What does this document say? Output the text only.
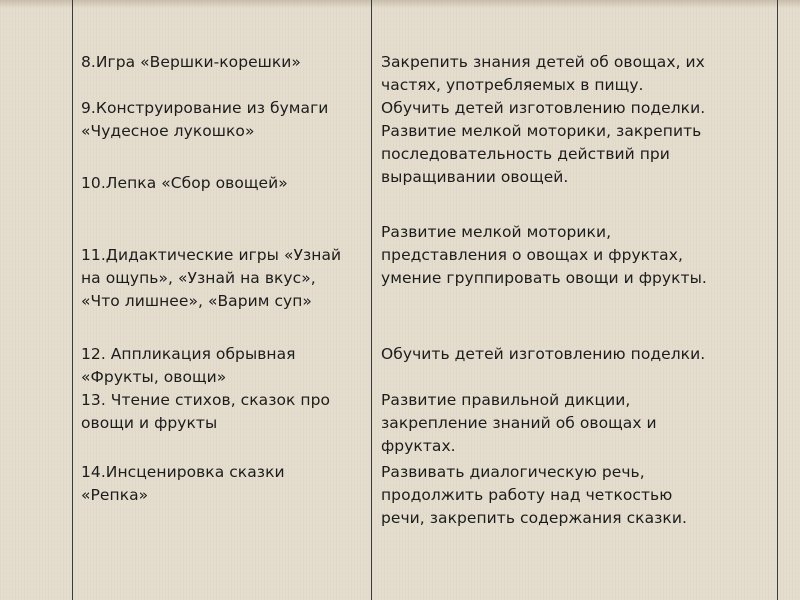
8.Игра «Вершки-корешки»
9.Конструирование из бумаги
«Чудесное лукошко»
10.Лепка «Сбор овощей»
11.Дидактические игры «Узнай
на ощупь», «Узнай на вкус»,
«Что лишнее», «Варим суп»
12. Аппликация обрывная
«Фрукты, овощи»
13. Чтение стихов, сказок про
овощи и фрукты
14.Инсценировка сказки
«Репка»
Закрепить знания детей об овощах, их
частях, употребляемых в пищу.
Обучить детей изготовлению поделки.
Развитие мелкой моторики, закрепить
последовательность действий при
выращивании овощей.
Развитие мелкой моторики,
представления о овощах и фруктах,
умение группировать овощи и фрукты.
Обучить детей изготовлению поделки.
Развитие правильной дикции,
закрепление знаний об овощах и
фруктах.
Развивать диалогическую речь,
продолжить работу над четкостью
речи, закрепить содержания сказки.
